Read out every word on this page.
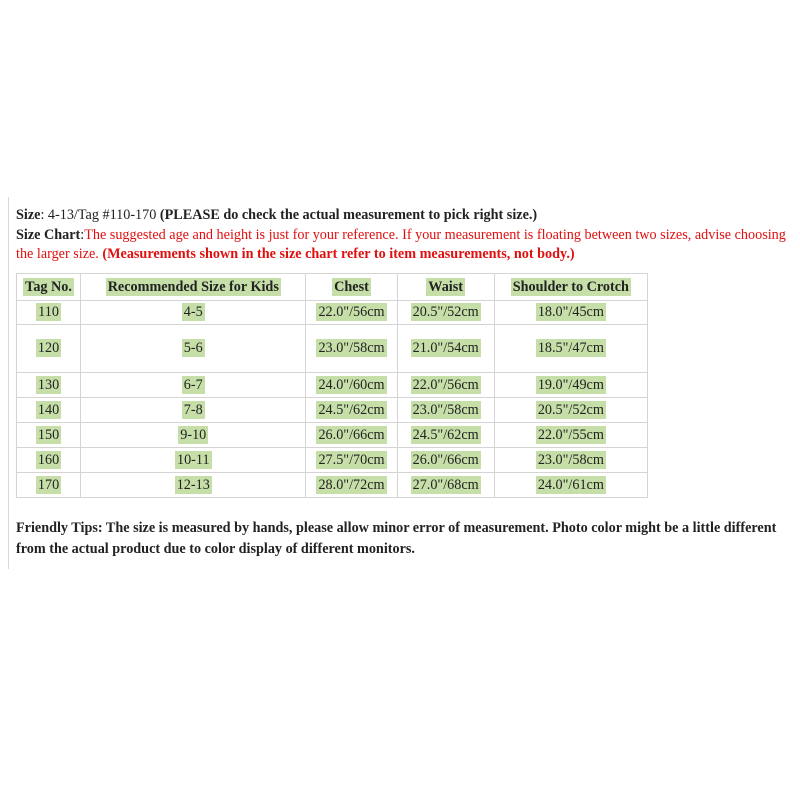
Size: 4-13/Tag #110-170 (PLEASE do check the actual measurement to pick right size.)
Size Chart:The suggested age and height is just for your reference. If your measurement is floating between two sizes, advise choosing the larger size. (Measurements shown in the size chart refer to item measurements, not body.)
Tag No.	Recommended Size for Kids	Chest	Waist	Shoulder to Crotch
110	4-5	22.0"/56cm	20.5"/52cm	18.0"/45cm
120	5-6	23.0"/58cm	21.0"/54cm	18.5"/47cm
130	6-7	24.0"/60cm	22.0"/56cm	19.0"/49cm
140	7-8	24.5"/62cm	23.0"/58cm	20.5"/52cm
150	9-10	26.0"/66cm	24.5"/62cm	22.0"/55cm
160	10-11	27.5"/70cm	26.0"/66cm	23.0"/58cm
170	12-13	28.0"/72cm	27.0"/68cm	24.0"/61cm
Friendly Tips: The size is measured by hands, please allow minor error of measurement. Photo color might be a little different from the actual product due to color display of different monitors.
